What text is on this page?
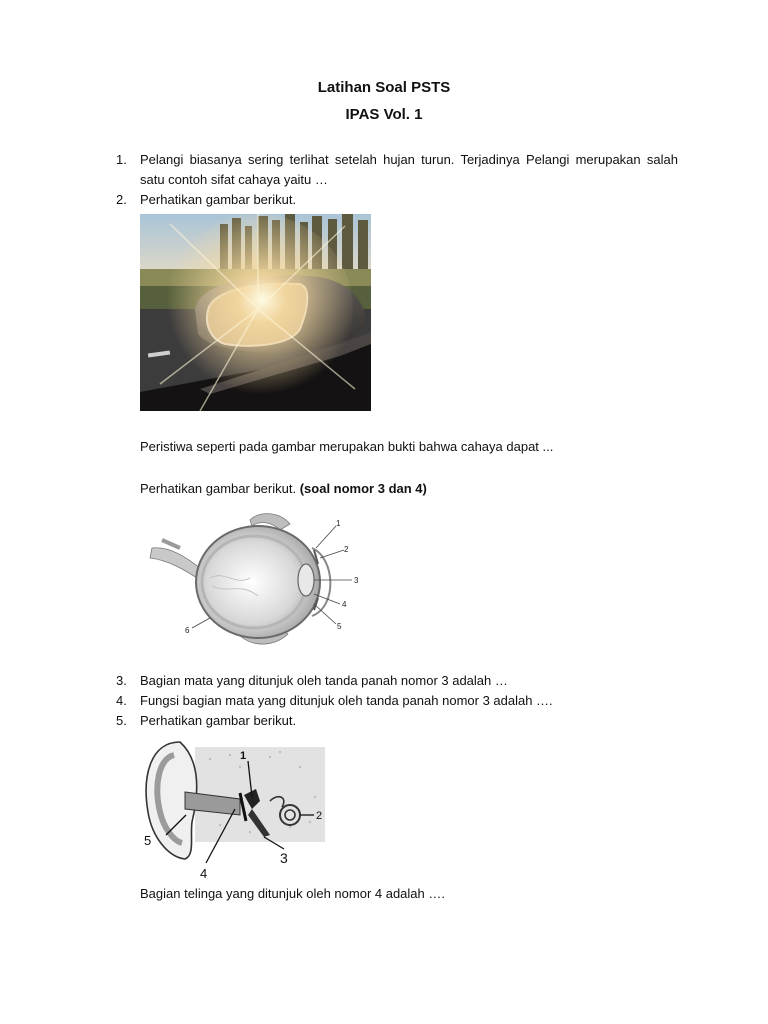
Latihan Soal PSTS
IPAS Vol. 1
1.	Pelangi biasanya sering terlihat setelah hujan turun. Terjadinya Pelangi merupakan salah satu contoh sifat cahaya yaitu …
2.	Perhatikan gambar berikut.
Peristiwa seperti pada gambar merupakan bukti bahwa cahaya dapat ...
Perhatikan gambar berikut. (soal nomor 3 dan 4)
1
2
3
4
5
6
3.	Bagian mata yang ditunjuk oleh tanda panah nomor 3 adalah …
4.	Fungsi bagian mata yang ditunjuk oleh tanda panah nomor 3 adalah ….
5.	Perhatikan gambar berikut.
1
2
3
4
5
Bagian telinga yang ditunjuk oleh nomor 4 adalah ….
